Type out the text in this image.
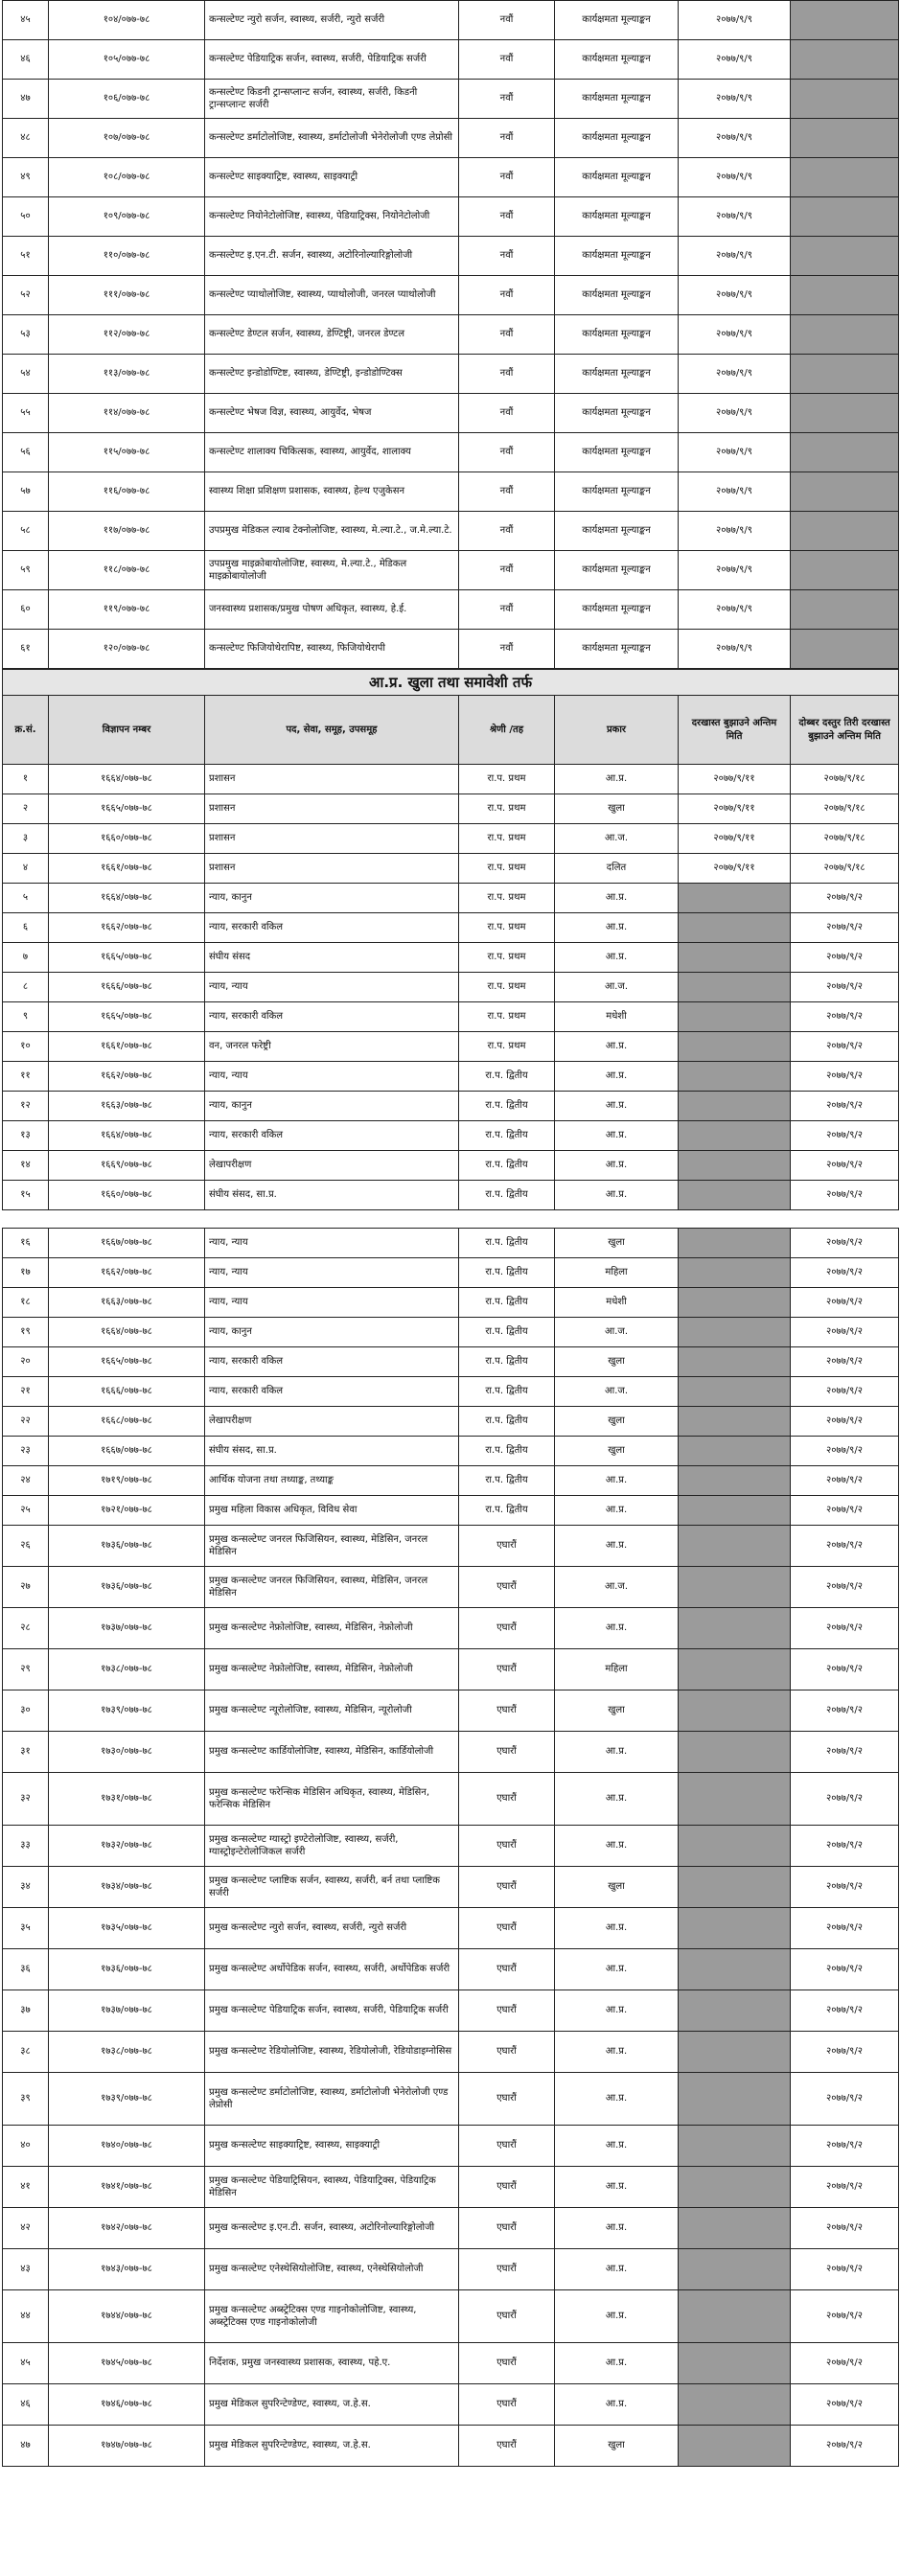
४५	१०४/०७७-७८	कन्सल्टेण्ट न्युरो सर्जन, स्वास्थ्य, सर्जरी, न्युरो सर्जरी	नवौं	कार्यक्षमता मूल्याङ्कन	२०७७/९/९	
४६	१०५/०७७-७८	कन्सल्टेण्ट पेडियाट्रिक सर्जन, स्वास्थ्य, सर्जरी, पेडियाट्रिक सर्जरी	नवौं	कार्यक्षमता मूल्याङ्कन	२०७७/९/९	
४७	१०६/०७७-७८	कन्सल्टेण्ट किडनी ट्रान्सप्लान्ट सर्जन, स्वास्थ्य, सर्जरी, किडनी ट्रान्सप्लान्ट सर्जरी	नवौं	कार्यक्षमता मूल्याङ्कन	२०७७/९/९	
४८	१०७/०७७-७८	कन्सल्टेण्ट डर्माटोलोजिष्ट, स्वास्थ्य, डर्माटोलोजी भेनेरोलोजी एण्ड लेप्रोसी	नवौं	कार्यक्षमता मूल्याङ्कन	२०७७/९/९	
४९	१०८/०७७-७८	कन्सल्टेण्ट साइक्याट्रिष्ट, स्वास्थ्य, साइक्याट्री	नवौं	कार्यक्षमता मूल्याङ्कन	२०७७/९/९	
५०	१०९/०७७-७८	कन्सल्टेण्ट नियोनेटोलोजिष्ट, स्वास्थ्य, पेडियाट्रिक्स, नियोनेटोलोजी	नवौं	कार्यक्षमता मूल्याङ्कन	२०७७/९/९	
५१	११०/०७७-७८	कन्सल्टेण्ट इ.एन.टी. सर्जन, स्वास्थ्य, अटोरिनोल्यारिङ्गोलोजी	नवौं	कार्यक्षमता मूल्याङ्कन	२०७७/९/९	
५२	१११/०७७-७८	कन्सल्टेण्ट प्याथोलोजिष्ट, स्वास्थ्य, प्याथोलोजी, जनरल प्याथोलोजी	नवौं	कार्यक्षमता मूल्याङ्कन	२०७७/९/९	
५३	११२/०७७-७८	कन्सल्टेण्ट डेण्टल सर्जन, स्वास्थ्य, डेण्टिष्ट्री, जनरल डेण्टल	नवौं	कार्यक्षमता मूल्याङ्कन	२०७७/९/९	
५४	११३/०७७-७८	कन्सल्टेण्ट इन्डोडोण्टिष्ट, स्वास्थ्य, डेण्टिष्ट्री, इन्डोडोण्टिक्स	नवौं	कार्यक्षमता मूल्याङ्कन	२०७७/९/९	
५५	११४/०७७-७८	कन्सल्टेण्ट भेषज विज्ञ, स्वास्थ्य, आयुर्वेद, भेषज	नवौं	कार्यक्षमता मूल्याङ्कन	२०७७/९/९	
५६	११५/०७७-७८	कन्सल्टेण्ट शालाक्य चिकित्सक, स्वास्थ्य, आयुर्वेद, शालाक्य	नवौं	कार्यक्षमता मूल्याङ्कन	२०७७/९/९	
५७	११६/०७७-७८	स्वास्थ्य शिक्षा प्रशिक्षण प्रशासक, स्वास्थ्य, हेल्थ एजुकेसन	नवौं	कार्यक्षमता मूल्याङ्कन	२०७७/९/९	
५८	११७/०७७-७८	उपप्रमुख मेडिकल ल्याब टेक्नोलोजिष्ट, स्वास्थ्य, मे.ल्या.टे., ज.मे.ल्या.टे.	नवौं	कार्यक्षमता मूल्याङ्कन	२०७७/९/९	
५९	११८/०७७-७८	उपप्रमुख माइक्रोबायोलोजिष्ट, स्वास्थ्य, मे.ल्या.टे., मेडिकल माइक्रोबायोलोजी	नवौं	कार्यक्षमता मूल्याङ्कन	२०७७/९/९	
६०	११९/०७७-७८	जनस्वास्थ्य प्रशासक/प्रमुख पोषण अधिकृत, स्वास्थ्य, हे.ई.	नवौं	कार्यक्षमता मूल्याङ्कन	२०७७/९/९	
६१	१२०/०७७-७८	कन्सल्टेण्ट फिजियोथेरापिष्ट, स्वास्थ्य, फिजियोथेरापी	नवौं	कार्यक्षमता मूल्याङ्कन	२०७७/९/९	
आ.प्र. खुला तथा समावेशी तर्फ						
क्र.सं.	विज्ञापन नम्बर	पद, सेवा, समूह, उपसमूह	श्रेणी /तह	प्रकार	दरखास्त बुझाउने अन्तिम मिति	दोब्बर दस्तुर तिरी दरखास्त बुझाउने अन्तिम मिति
१	१६६४/०७७-७८	प्रशासन	रा.प. प्रथम	आ.प्र.	२०७७/९/११	२०७७/९/१८
२	१६६५/०७७-७८	प्रशासन	रा.प. प्रथम	खुला	२०७७/९/११	२०७७/९/१८
३	१६६०/०७७-७८	प्रशासन	रा.प. प्रथम	आ.ज.	२०७७/९/११	२०७७/९/१८
४	१६६१/०७७-७८	प्रशासन	रा.प. प्रथम	दलित	२०७७/९/११	२०७७/९/१८
५	१६६४/०७७-७८	न्याय, कानुन	रा.प. प्रथम	आ.प्र.		२०७७/९/२
६	१६६२/०७७-७८	न्याय, सरकारी वकिल	रा.प. प्रथम	आ.प्र.		२०७७/९/२
७	१६६५/०७७-७८	संघीय संसद	रा.प. प्रथम	आ.प्र.		२०७७/९/२
८	१६६६/०७७-७८	न्याय, न्याय	रा.प. प्रथम	आ.ज.		२०७७/९/२
९	१६६५/०७७-७८	न्याय, सरकारी वकिल	रा.प. प्रथम	मधेशी		२०७७/९/२
१०	१६६१/०७७-७८	वन, जनरल फरेष्ट्री	रा.प. प्रथम	आ.प्र.		२०७७/९/२
११	१६६२/०७७-७८	न्याय, न्याय	रा.प. द्वितीय	आ.प्र.		२०७७/९/२
१२	१६६३/०७७-७८	न्याय, कानुन	रा.प. द्वितीय	आ.प्र.		२०७७/९/२
१३	१६६४/०७७-७८	न्याय, सरकारी वकिल	रा.प. द्वितीय	आ.प्र.		२०७७/९/२
१४	१६६९/०७७-७८	लेखापरीक्षण	रा.प. द्वितीय	आ.प्र.		२०७७/९/२
१५	१६६०/०७७-७८	संघीय संसद, सा.प्र.	रा.प. द्वितीय	आ.प्र.		२०७७/९/२
१६	१६६७/०७७-७८	न्याय, न्याय	रा.प. द्वितीय	खुला		२०७७/९/२
१७	१६६२/०७७-७८	न्याय, न्याय	रा.प. द्वितीय	महिला		२०७७/९/२
१८	१६६३/०७७-७८	न्याय, न्याय	रा.प. द्वितीय	मधेशी		२०७७/९/२
१९	१६६४/०७७-७८	न्याय, कानुन	रा.प. द्वितीय	आ.ज.		२०७७/९/२
२०	१६६५/०७७-७८	न्याय, सरकारी वकिल	रा.प. द्वितीय	खुला		२०७७/९/२
२१	१६६६/०७७-७८	न्याय, सरकारी वकिल	रा.प. द्वितीय	आ.ज.		२०७७/९/२
२२	१६६८/०७७-७८	लेखापरीक्षण	रा.प. द्वितीय	खुला		२०७७/९/२
२३	१६६७/०७७-७८	संघीय संसद, सा.प्र.	रा.प. द्वितीय	खुला		२०७७/९/२
२४	१७१९/०७७-७८	आर्थिक योजना तथा तथ्याङ्क, तथ्याङ्क	रा.प. द्वितीय	आ.प्र.		२०७७/९/२
२५	१७२१/०७७-७८	प्रमुख महिला विकास अधिकृत, विविध सेवा	रा.प. द्वितीय	आ.प्र.		२०७७/९/२
२६	१७३६/०७७-७८	प्रमुख कन्सल्टेण्ट जनरल फिजिसियन, स्वास्थ्य, मेडिसिन, जनरल मेडिसिन	एघारौं	आ.प्र.		२०७७/९/२
२७	१७३६/०७७-७८	प्रमुख कन्सल्टेण्ट जनरल फिजिसियन, स्वास्थ्य, मेडिसिन, जनरल मेडिसिन	एघारौं	आ.ज.		२०७७/९/२
२८	१७३७/०७७-७८	प्रमुख कन्सल्टेण्ट नेफ्रोलोजिष्ट, स्वास्थ्य, मेडिसिन, नेफ्रोलोजी	एघारौं	आ.प्र.		२०७७/९/२
२९	१७३८/०७७-७८	प्रमुख कन्सल्टेण्ट नेफ्रोलोजिष्ट, स्वास्थ्य, मेडिसिन, नेफ्रोलोजी	एघारौं	महिला		२०७७/९/२
३०	१७३९/०७७-७८	प्रमुख कन्सल्टेण्ट न्यूरोलोजिष्ट, स्वास्थ्य, मेडिसिन, न्यूरोलोजी	एघारौं	खुला		२०७७/९/२
३१	१७३०/०७७-७८	प्रमुख कन्सल्टेण्ट कार्डियोलोजिष्ट, स्वास्थ्य, मेडिसिन, कार्डियोलोजी	एघारौं	आ.प्र.		२०७७/९/२
३२	१७३१/०७७-७८	प्रमुख कन्सल्टेण्ट फरेन्सिक मेडिसिन अधिकृत, स्वास्थ्य, मेडिसिन, फरेन्सिक मेडिसिन	एघारौं	आ.प्र.		२०७७/९/२
३३	१७३२/०७७-७८	प्रमुख कन्सल्टेण्ट ग्यास्ट्रो इण्टेरोलोजिष्ट, स्वास्थ्य, सर्जरी, ग्यास्ट्रोइन्टेरोलोजिकल सर्जरी	एघारौं	आ.प्र.		२०७७/९/२
३४	१७३४/०७७-७८	प्रमुख कन्सल्टेण्ट प्लाष्टिक सर्जन, स्वास्थ्य, सर्जरी, बर्न तथा प्लाष्टिक सर्जरी	एघारौं	खुला		२०७७/९/२
३५	१७३५/०७७-७८	प्रमुख कन्सल्टेण्ट न्युरो सर्जन, स्वास्थ्य, सर्जरी, न्युरो सर्जरी	एघारौं	आ.प्र.		२०७७/९/२
३६	१७३६/०७७-७८	प्रमुख कन्सल्टेण्ट अर्थोपेडिक सर्जन, स्वास्थ्य, सर्जरी, अर्थोपेडिक सर्जरी	एघारौं	आ.प्र.		२०७७/९/२
३७	१७३७/०७७-७८	प्रमुख कन्सल्टेण्ट पेडियाट्रिक सर्जन, स्वास्थ्य, सर्जरी, पेडियाट्रिक सर्जरी	एघारौं	आ.प्र.		२०७७/९/२
३८	१७३८/०७७-७८	प्रमुख कन्सल्टेण्ट रेडियोलोजिष्ट, स्वास्थ्य, रेडियोलोजी, रेडियोडाइग्नोसिस	एघारौं	आ.प्र.		२०७७/९/२
३९	१७३९/०७७-७८	प्रमुख कन्सल्टेण्ट डर्माटोलोजिष्ट, स्वास्थ्य, डर्माटोलोजी भेनेरोलोजी एण्ड लेप्रोसी	एघारौं	आ.प्र.		२०७७/९/२
४०	१७४०/०७७-७८	प्रमुख कन्सल्टेण्ट साइक्याट्रिष्ट, स्वास्थ्य, साइक्याट्री	एघारौं	आ.प्र.		२०७७/९/२
४१	१७४१/०७७-७८	प्रमुख कन्सल्टेण्ट पेडियाट्रिसियन, स्वास्थ्य, पेडियाट्रिक्स, पेडियाट्रिक मेडिसिन	एघारौं	आ.प्र.		२०७७/९/२
४२	१७४२/०७७-७८	प्रमुख कन्सल्टेण्ट इ.एन.टी. सर्जन, स्वास्थ्य, अटोरिनोल्यारिङ्गोलोजी	एघारौं	आ.प्र.		२०७७/९/२
४३	१७४३/०७७-७८	प्रमुख कन्सल्टेण्ट एनेस्थेसियोलोजिष्ट, स्वास्थ्य, एनेस्थेसियोलोजी	एघारौं	आ.प्र.		२०७७/९/२
४४	१७४४/०७७-७८	प्रमुख कन्सल्टेण्ट अब्स्ट्रेटिक्स एण्ड गाइनोकोलोजिष्ट, स्वास्थ्य, अब्स्ट्रेटिक्स एण्ड गाइनोकोलोजी	एघारौं	आ.प्र.		२०७७/९/२
४५	१७४५/०७७-७८	निर्देशक, प्रमुख जनस्वास्थ्य प्रशासक, स्वास्थ्य, पहे.ए.	एघारौं	आ.प्र.		२०७७/९/२
४६	१७४६/०७७-७८	प्रमुख मेडिकल सुपरिन्टेण्डेण्ट, स्वास्थ्य, ज.हे.स.	एघारौं	आ.प्र.		२०७७/९/२
४७	१७४७/०७७-७८	प्रमुख मेडिकल सुपरिन्टेण्डेण्ट, स्वास्थ्य, ज.हे.स.	एघारौं	खुला		२०७७/९/२
